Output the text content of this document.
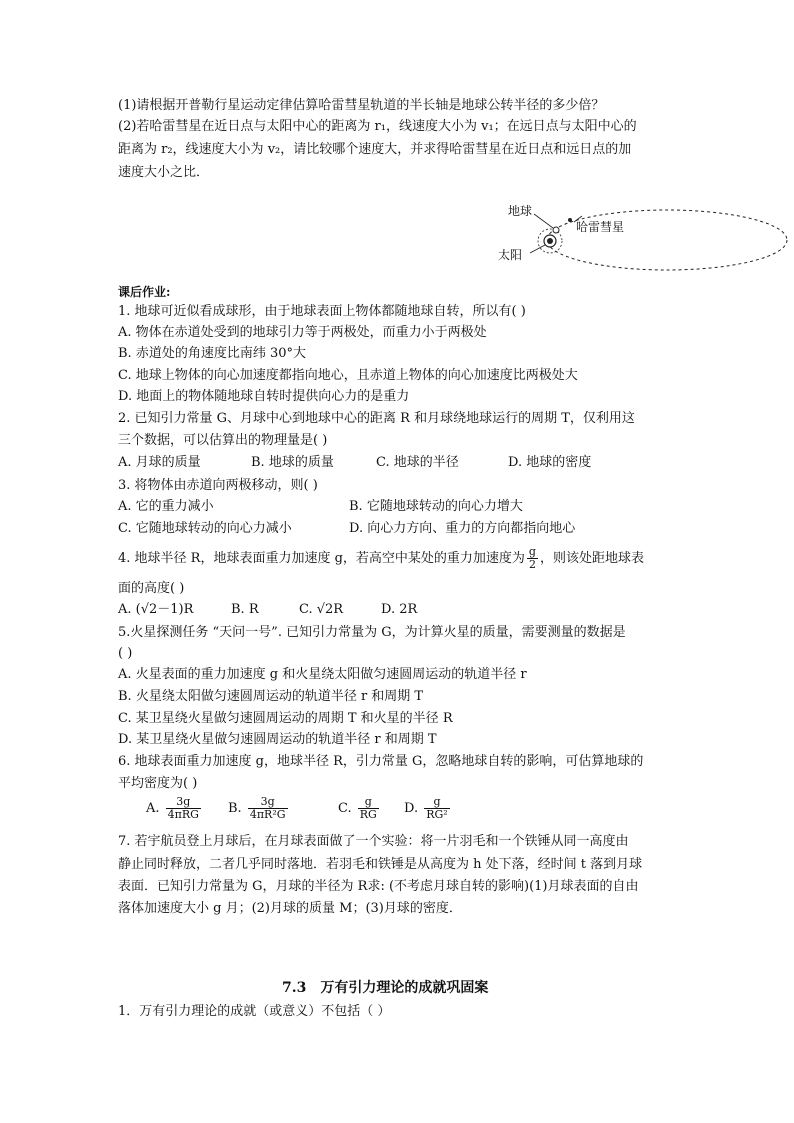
(1)请根据开普勒行星运动定律估算哈雷彗星轨道的半长轴是地球公转半径的多少倍？
(2)若哈雷彗星在近日点与太阳中心的距离为 r₁，线速度大小为 v₁；在远日点与太阳中心的
距离为 r₂，线速度大小为 v₂，请比较哪个速度大，并求得哈雷彗星在近日点和远日点的加
速度大小之比．
地球
哈雷彗星
太阳
课后作业:
1. 地球可近似看成球形，由于地球表面上物体都随地球自转，所以有( )
A. 物体在赤道处受到的地球引力等于两极处，而重力小于两极处
B. 赤道处的角速度比南纬 30°大
C. 地球上物体的向心加速度都指向地心，且赤道上物体的向心加速度比两极处大
D. 地面上的物体随地球自转时提供向心力的是重力
2. 已知引力常量 G、月球中心到地球中心的距离 R 和月球绕地球运行的周期 T，仅利用这
三个数据，可以估算出的物理量是( )
A. 月球的质量	B. 地球的质量	C. 地球的半径	D. 地球的密度
3. 将物体由赤道向两极移动，则( )
A. 它的重力减小	B. 它随地球转动的向心力增大
C. 它随地球转动的向心力减小	D. 向心力方向、重力的方向都指向地心
4. 地球半径 R，地球表面重力加速度 g，若高空中某处的重力加速度为 $\frac{g}{2}$ ，则该处距地球表
面的高度( )
A. (√2－1)R	B. R	C. √2R	D. 2R
5.火星探测任务 “天问一号”. 已知引力常量为 G，为计算火星的质量，需要测量的数据是
( )
A. 火星表面的重力加速度 g 和火星绕太阳做匀速圆周运动的轨道半径 r
B. 火星绕太阳做匀速圆周运动的轨道半径 r 和周期 T
C. 某卫星绕火星做匀速圆周运动的周期 T 和火星的半径 R
D. 某卫星绕火星做匀速圆周运动的轨道半径 r 和周期 T
6. 地球表面重力加速度 g，地球半径 R，引力常量 G，忽略地球自转的影响，可估算地球的
平均密度为( )
A. $\frac{3g}{\text{4πRG}} B$. $\frac{3g}{\text{4πR²G}}$	C. $\frac{g}{RG} D$. $\frac{g}{\text{RG²}}$
7. 若宇航员登上月球后，在月球表面做了一个实验：将一片羽毛和一个铁锤从同一高度由
静止同时释放，二者几乎同时落地．若羽毛和铁锤是从高度为 h 处下落，经时间 t 落到月球
表面．已知引力常量为 G，月球的半径为 R求: (不考虑月球自转的影响)(1)月球表面的自由
落体加速度大小 g 月；(2)月球的质量 M；(3)月球的密度．
7.3　万有引力理论的成就巩固案
1．万有引力理论的成就（或意义）不包括（ ）
